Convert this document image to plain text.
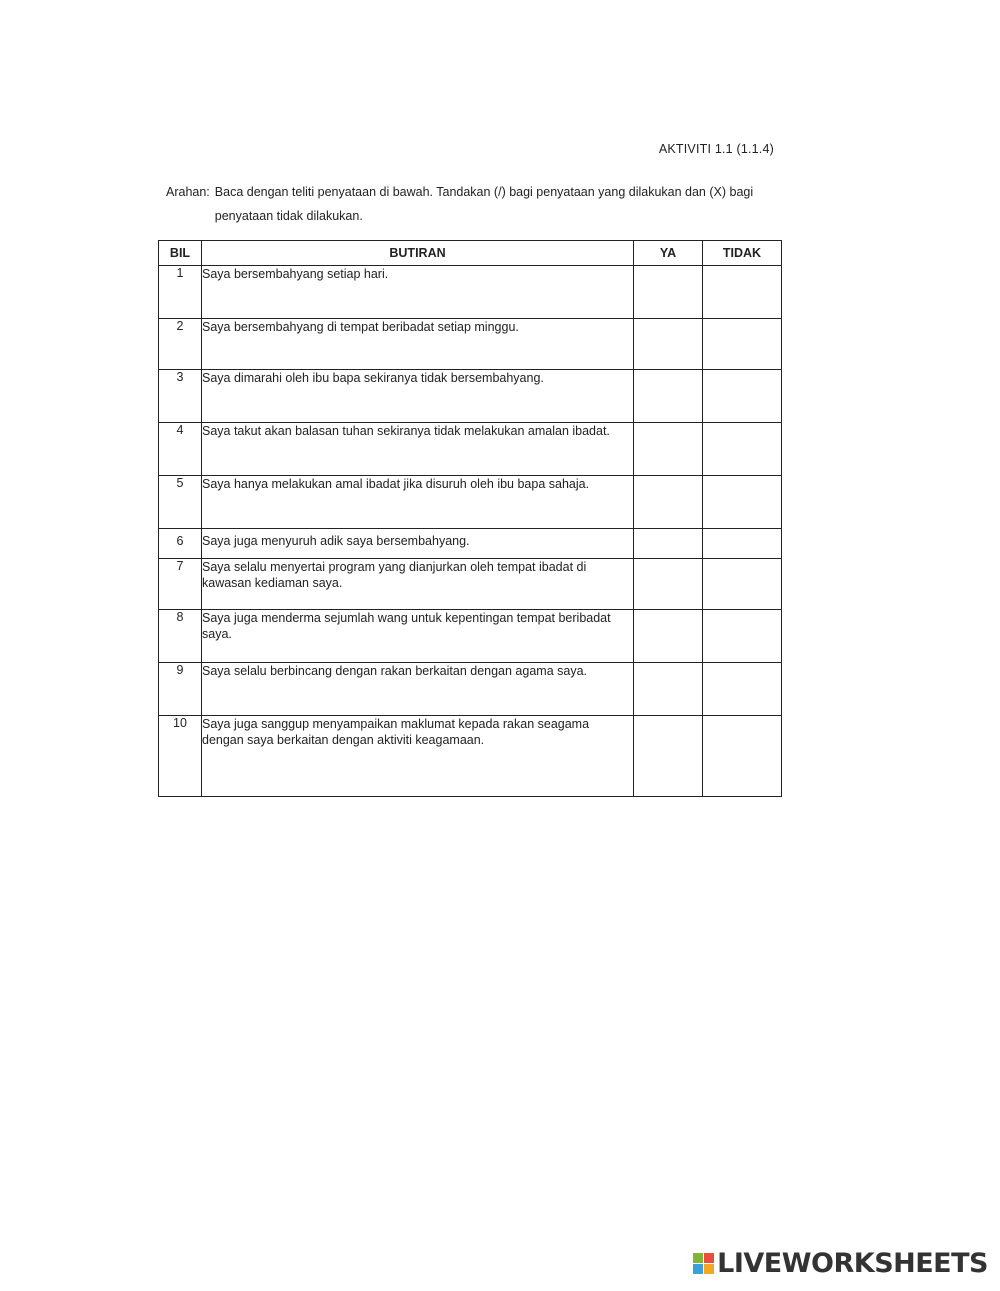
AKTIVITI 1.1 (1.1.4)
Arahan: Baca dengan teliti penyataan di bawah. Tandakan (/) bagi penyataan yang dilakukan dan (X) bagi penyataan tidak dilakukan.
BIL	BUTIRAN	YA	TIDAK
1	Saya bersembahyang setiap hari.		
2	Saya bersembahyang di tempat beribadat setiap minggu.		
3	Saya dimarahi oleh ibu bapa sekiranya tidak bersembahyang.		
4	Saya takut akan balasan tuhan sekiranya tidak melakukan amalan ibadat.		
5	Saya hanya melakukan amal ibadat jika disuruh oleh ibu bapa sahaja.		
6	Saya juga menyuruh adik saya bersembahyang.		
7	Saya selalu menyertai program yang dianjurkan oleh tempat ibadat di kawasan kediaman saya.		
8	Saya juga menderma sejumlah wang untuk kepentingan tempat beribadat saya.		
9	Saya selalu berbincang dengan rakan berkaitan dengan agama saya.		
10	Saya juga sanggup menyampaikan maklumat kepada rakan seagama dengan saya berkaitan dengan aktiviti keagamaan.		
LIVEWORKSHEETS
